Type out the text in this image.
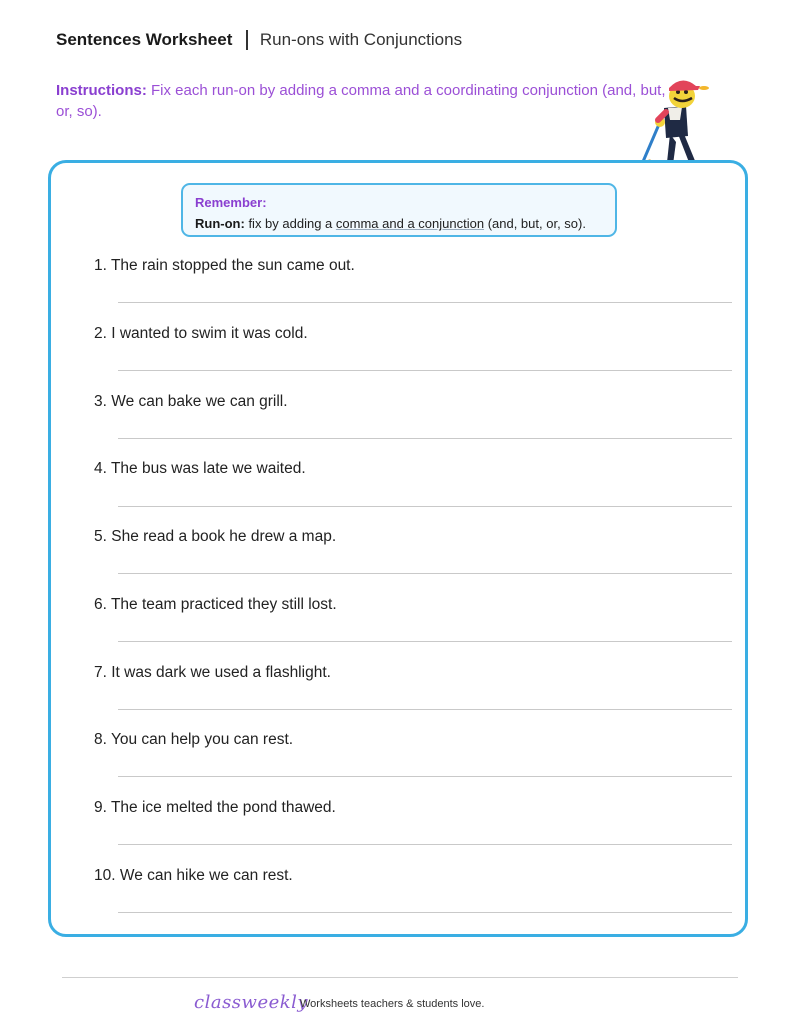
Sentences Worksheet Run-ons with Conjunctions
Instructions: Fix each run-on by adding a comma and a coordinating conjunction (and, but, or, so).
Remember:
Run-on: fix by adding a comma and a conjunction (and, but, or, so).
1. The rain stopped the sun came out.
2. I wanted to swim it was cold.
3. We can bake we can grill.
4. The bus was late we waited.
5. She read a book he drew a map.
6. The team practiced they still lost.
7. It was dark we used a flashlight.
8. You can help you can rest.
9. The ice melted the pond thawed.
10. We can hike we can rest.
classweekly
Worksheets teachers & students love.
